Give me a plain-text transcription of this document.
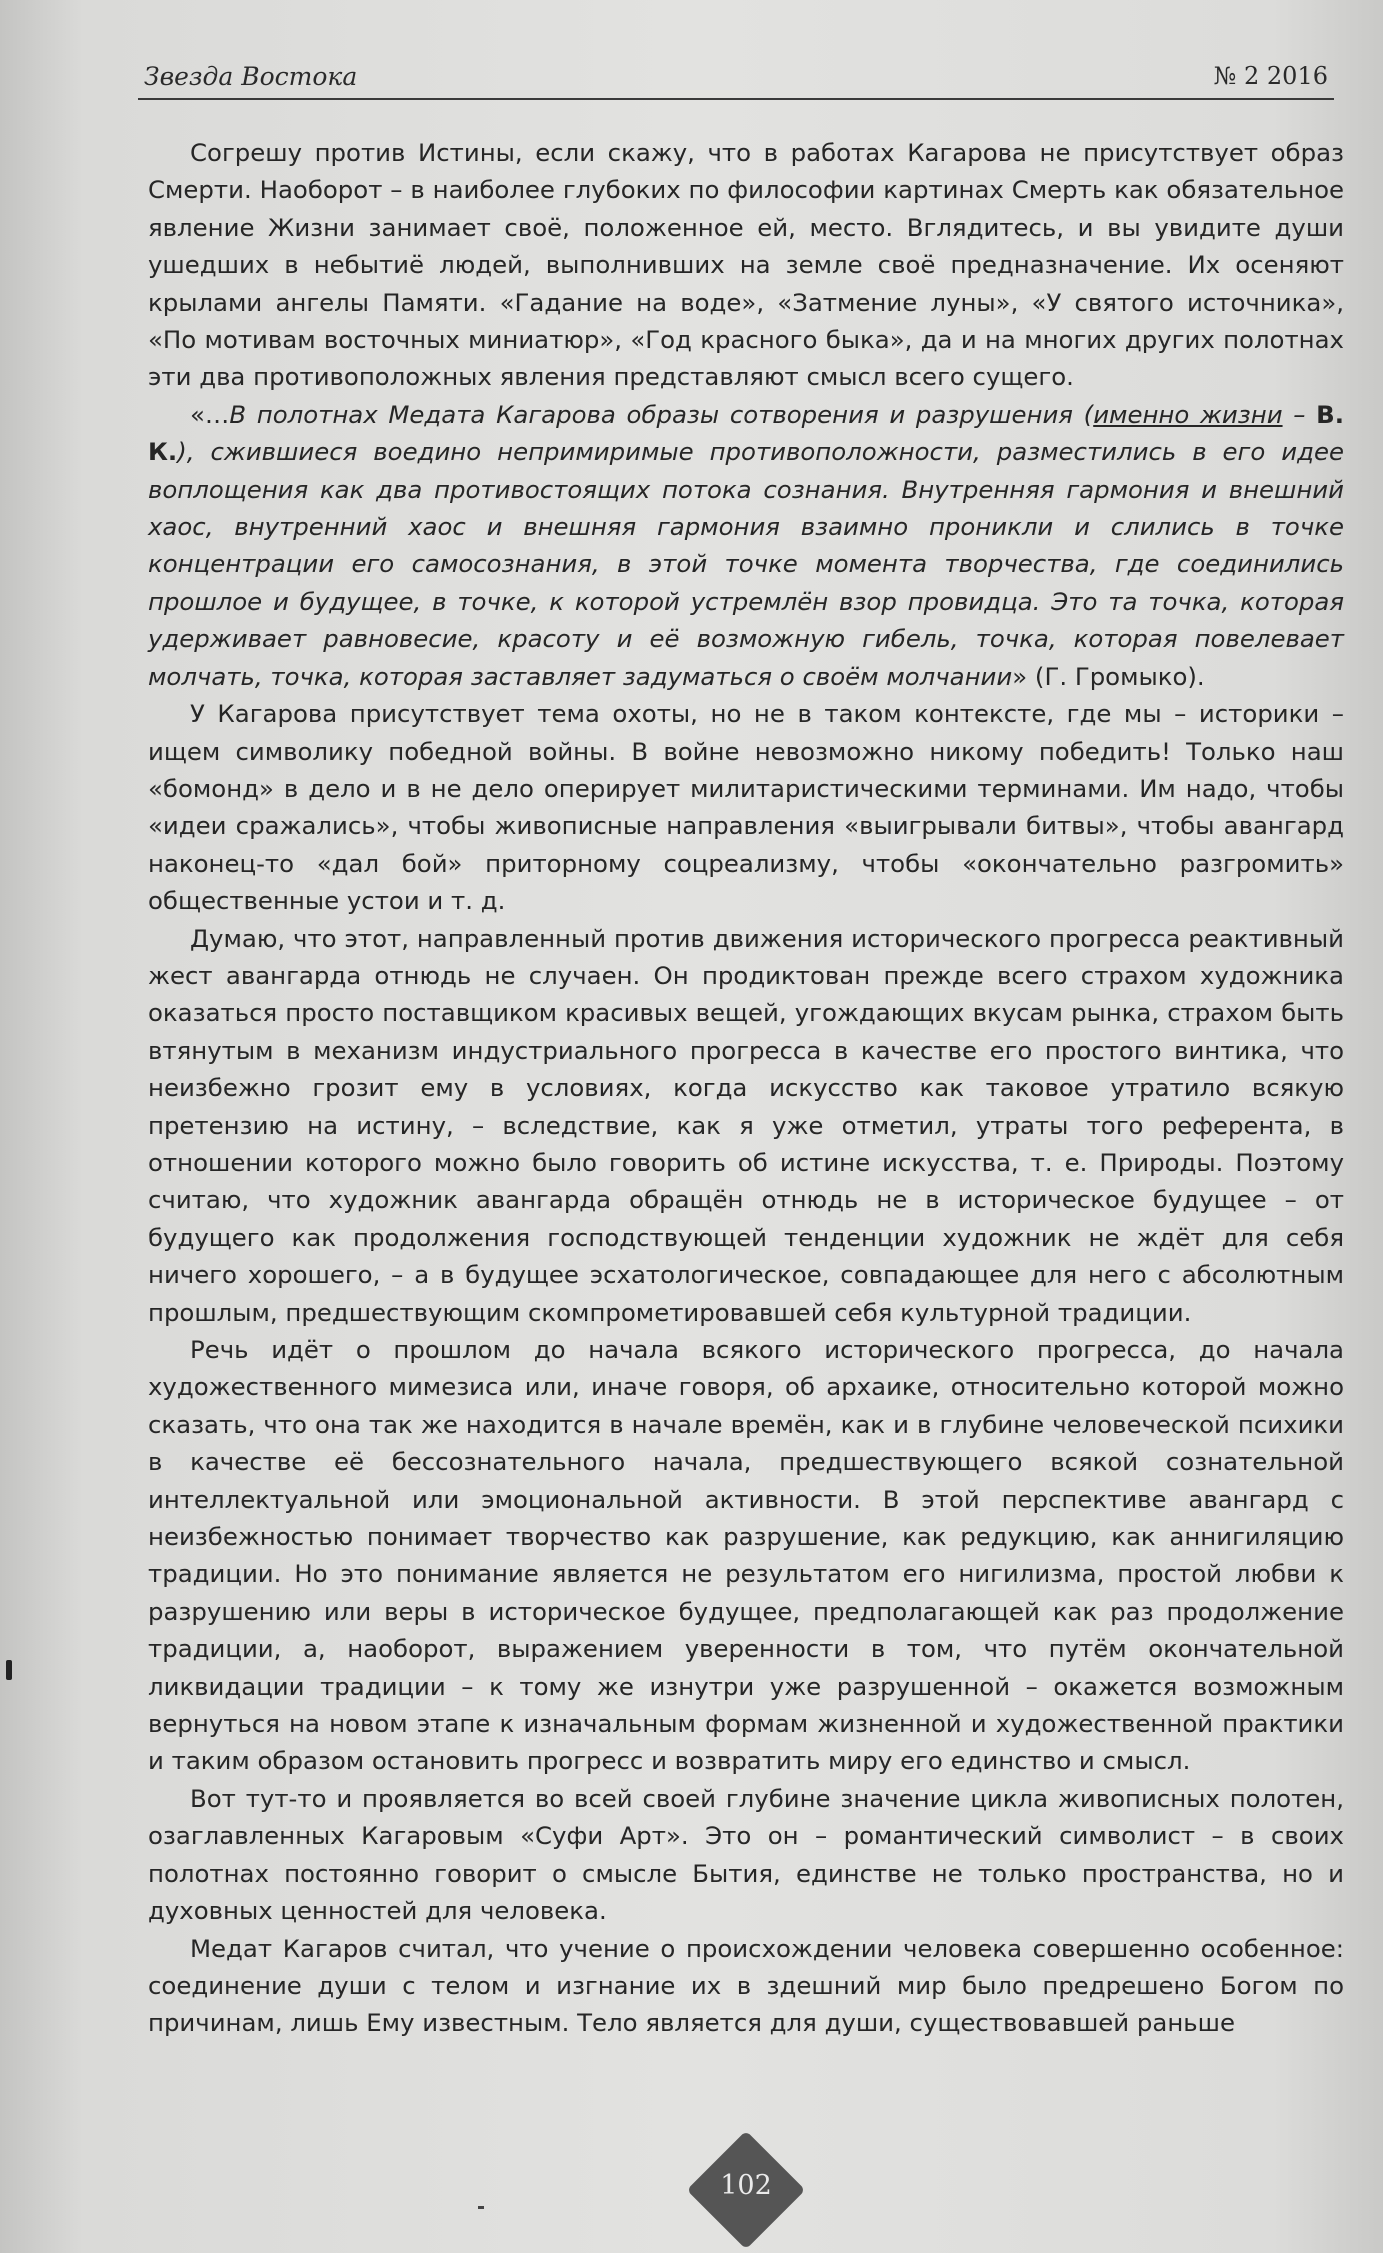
Звезда Востока	№ 2 2016

Согрешу против Истины, если скажу, что в работах Кагарова не присутствует образ Смерти. Наоборот – в наиболее глубоких по философии картинах Смерть как обязательное явление Жизни занимает своё, положенное ей, место. Вглядитесь, и вы увидите души ушедших в небытиё людей, выполнивших на земле своё предназначение. Их осеняют крылами ангелы Памяти. «Гадание на воде», «Затмение луны», «У святого источника», «По мотивам восточных миниатюр», «Год красного быка», да и на многих других полотнах эти два противоположных явления представляют смысл всего сущего.

«…В полотнах Медата Кагарова образы сотворения и разрушения (именно жизни – В. К.), сжившиеся воедино непримиримые противоположности, разместились в его идее воплощения как два противостоящих потока сознания. Внутренняя гармония и внешний хаос, внутренний хаос и внешняя гармония взаимно проникли и слились в точке концентрации его самосознания, в этой точке момента творчества, где соединились прошлое и будущее, в точке, к которой устремлён взор провидца. Это та точка, которая удерживает равновесие, красоту и её возможную гибель, точка, которая повелевает молчать, точка, которая заставляет задуматься о своём молчании» (Г. Громыко).

У Кагарова присутствует тема охоты, но не в таком контексте, где мы – историки – ищем символику победной войны. В войне невозможно никому победить! Только наш «бомонд» в дело и в не дело оперирует милитаристическими терминами. Им надо, чтобы «идеи сражались», чтобы живописные направления «выигрывали битвы», чтобы авангард наконец-то «дал бой» приторному соцреализму, чтобы «окончательно разгромить» общественные устои и т. д.

Думаю, что этот, направленный против движения исторического прогресса реактивный жест авангарда отнюдь не случаен. Он продиктован прежде всего страхом художника оказаться просто поставщиком красивых вещей, угождающих вкусам рынка, страхом быть втянутым в механизм индустриального прогресса в качестве его простого винтика, что неизбежно грозит ему в условиях, когда искусство как таковое утратило всякую претензию на истину, – вследствие, как я уже отметил, утраты того референта, в отношении которого можно было говорить об истине искусства, т. е. Природы. Поэтому считаю, что художник авангарда обращён отнюдь не в историческое будущее – от будущего как продолжения господствующей тенденции художник не ждёт для себя ничего хорошего, – а в будущее эсхатологическое, совпадающее для него с абсолютным прошлым, предшествующим скомпрометировавшей себя культурной традиции.

Речь идёт о прошлом до начала всякого исторического прогресса, до начала художественного мимезиса или, иначе говоря, об архаике, относительно которой можно сказать, что она так же находится в начале времён, как и в глубине человеческой психики в качестве её бессознательного начала, предшествующего всякой сознательной интеллектуальной или эмоциональной активности. В этой перспективе авангард с неизбежностью понимает творчество как разрушение, как редукцию, как аннигиляцию традиции. Но это понимание является не результатом его нигилизма, простой любви к разрушению или веры в историческое будущее, предполагающей как раз продолжение традиции, а, наоборот, выражением уверенности в том, что путём окончательной ликвидации традиции – к тому же изнутри уже разрушенной – окажется возможным вернуться на новом этапе к изначальным формам жизненной и художественной практики и таким образом остановить прогресс и возвратить миру его единство и смысл.

Вот тут-то и проявляется во всей своей глубине значение цикла живописных полотен, озаглавленных Кагаровым «Суфи Арт». Это он – романтический символист – в своих полотнах постоянно говорит о смысле Бытия, единстве не только пространства, но и духовных ценностей для человека.

Медат Кагаров считал, что учение о происхождении человека совершенно особенное: соединение души с телом и изгнание их в здешний мир было предрешено Богом по причинам, лишь Ему известным. Тело является для души, существовавшей раньше

102
